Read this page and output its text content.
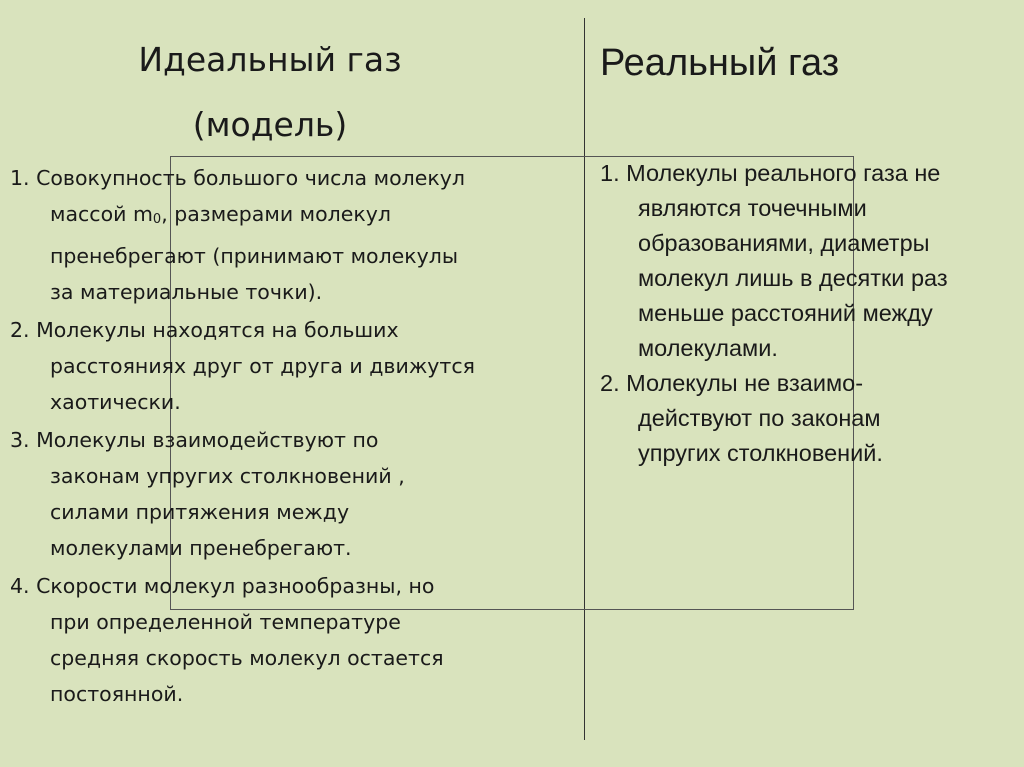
Идеальный газ
(модель)
Реальный газ
1. Совокупность большого числа молекул
массой $m_0$, размерами молекул
пренебрегают (принимают молекулы
за материальные точки).
2. Молекулы находятся на больших
расстояниях друг от друга и движутся
хаотически.
3. Молекулы взаимодействуют по
законам упругих столкновений ,
силами притяжения между
молекулами пренебрегают.
4. Скорости молекул разнообразны, но
при определенной температуре
средняя скорость молекул остается
постоянной.
1. Молекулы реального газа не
являются точечными
образованиями, диаметры
молекул лишь в десятки раз
меньше расстояний между
молекулами.
2. Молекулы не взаимо-
действуют по законам
упругих столкновений.
